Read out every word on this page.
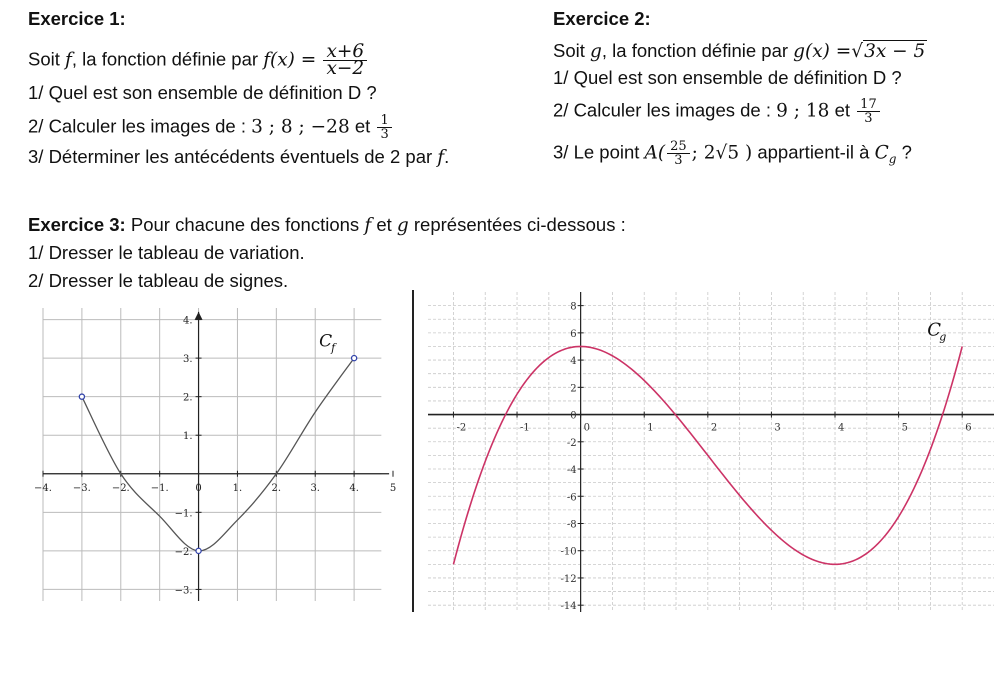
Exercice 1:
Soit f, la fonction définie par $f(x) = \frac{x+6}{x-2}$
1/ Quel est son ensemble de définition D ?
2/ Calculer les images de : 3 ; 8 ; −28 et $\frac{1}{3}$
3/ Déterminer les antécédents éventuels de 2 par f.
Exercice 2:
Soit g, la fonction définie par g(x) =√3x − 5
1/ Quel est son ensemble de définition D ?
2/ Calculer les images de : 9 ; 18 et $\frac{17}{3}$
3/ Le point $A( \frac{25}{3}$ ; 2√5 ) appartient-il à $C_g$ ?
Exercice 3: Pour chacune des fonctions f et g représentées ci-dessous :
1/ Dresser le tableau de variation.
2/ Dresser le tableau de signes.
−4. −3. −2. −1.	0	1.	2.	3.	4.	5
4.
3.
2.
1.
−1.
−2.
−3.
C
f
-2	-1	0	1	2	3	4	5	6
8
6
4
2
0
-2
-4
-6
-8
-10
-12
-14
C
g
